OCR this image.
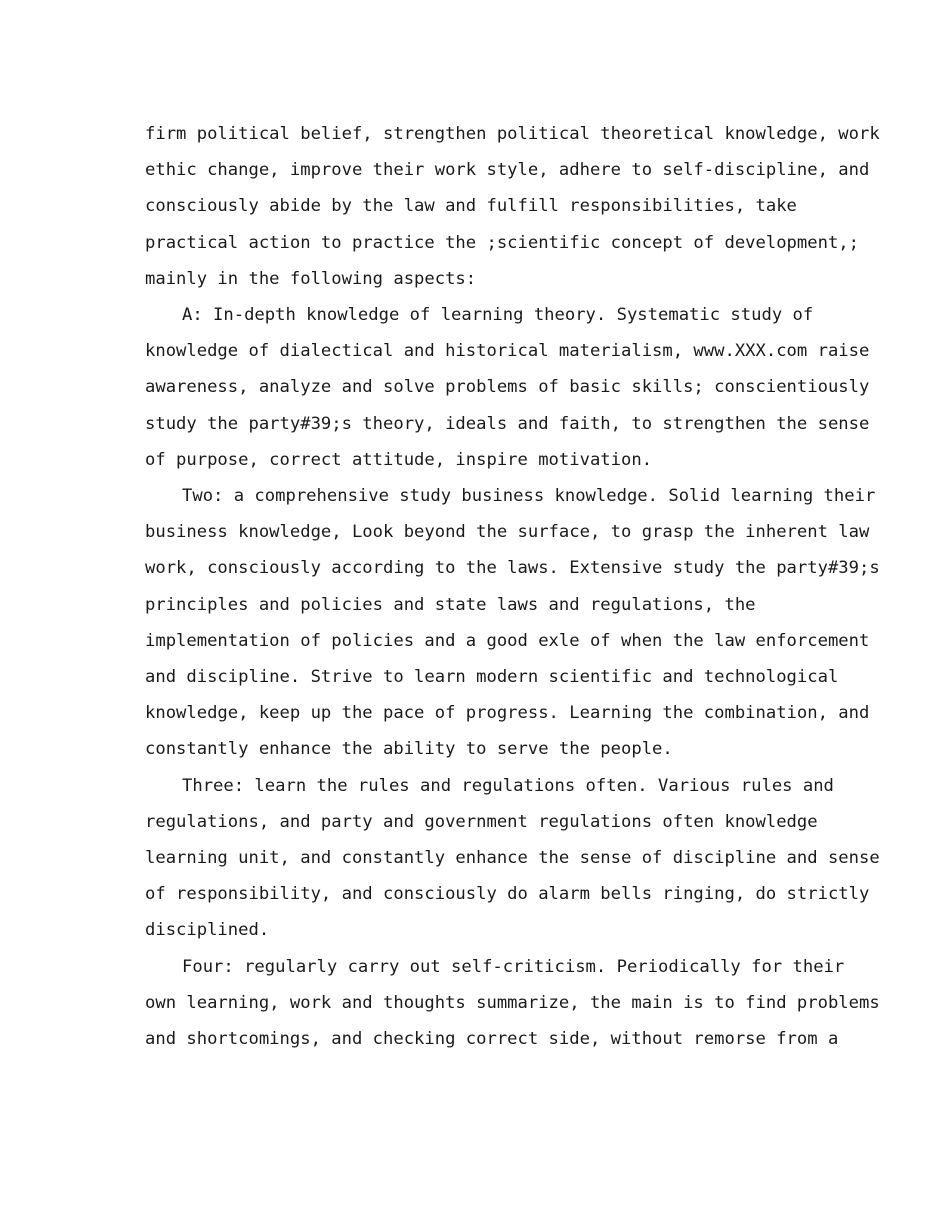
firm political belief, strengthen political theoretical knowledge, work
ethic change, improve their work style, adhere to self-discipline, and
consciously abide by the law and fulfill responsibilities, take
practical action to practice the ;scientific concept of development,;
mainly in the following aspects:
A: In-depth knowledge of learning theory. Systematic study of
knowledge of dialectical and historical materialism, www.XXX.com raise
awareness, analyze and solve problems of basic skills; conscientiously
study the party#39;s theory, ideals and faith, to strengthen the sense
of purpose, correct attitude, inspire motivation.
Two: a comprehensive study business knowledge. Solid learning their
business knowledge, Look beyond the surface, to grasp the inherent law
work, consciously according to the laws. Extensive study the party#39;s
principles and policies and state laws and regulations, the
implementation of policies and a good exle of when the law enforcement
and discipline. Strive to learn modern scientific and technological
knowledge, keep up the pace of progress. Learning the combination, and
constantly enhance the ability to serve the people.
Three: learn the rules and regulations often. Various rules and
regulations, and party and government regulations often knowledge
learning unit, and constantly enhance the sense of discipline and sense
of responsibility, and consciously do alarm bells ringing, do strictly
disciplined.
Four: regularly carry out self-criticism. Periodically for their
own learning, work and thoughts summarize, the main is to find problems
and shortcomings, and checking correct side, without remorse from a
